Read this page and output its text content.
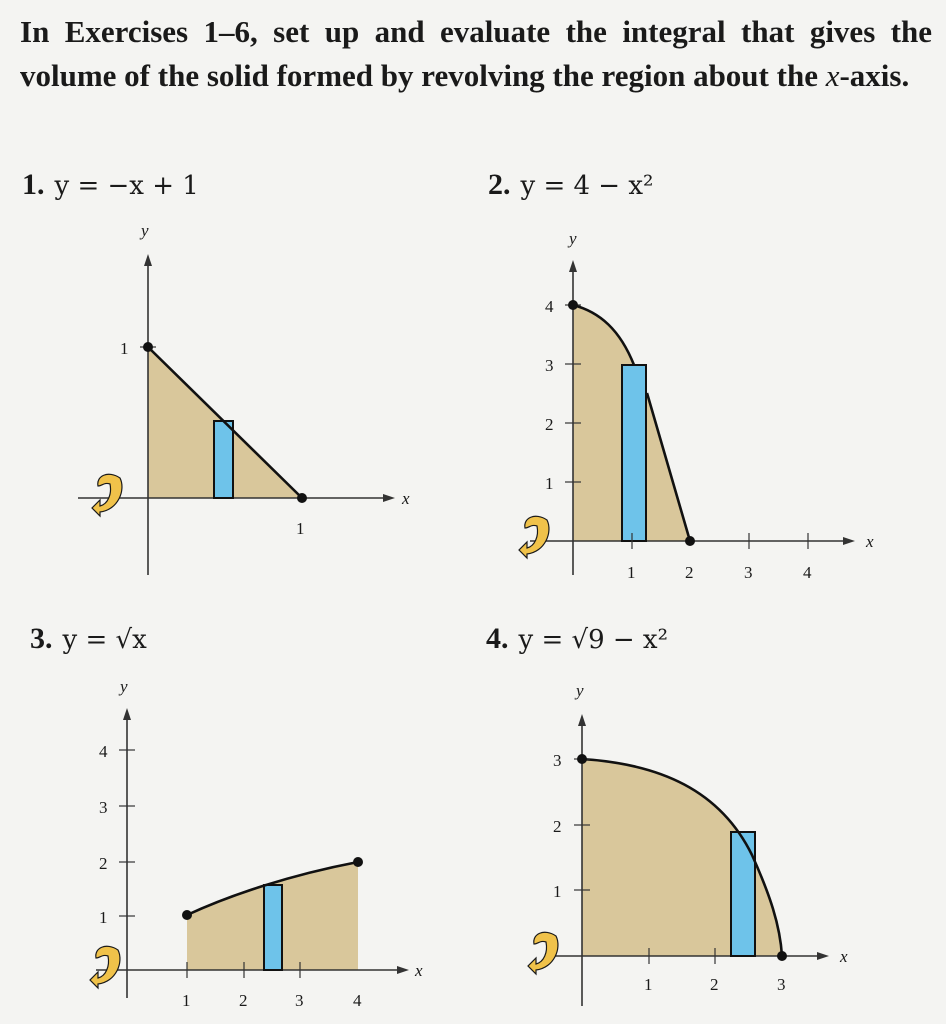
In Exercises 1–6, set up and evaluate the integral that gives the volume of the solid formed by revolving the region about the x-axis.
1. y = −x + 1	2. y = 4 − x²
3. y = √x	4. y = √9 − x²
1
1
y
x
4
3
2
1
1	2	3	4
y
x
4
3
2
1
1	2	3	4
y
x
3
2
1
1	2	3
y
x
